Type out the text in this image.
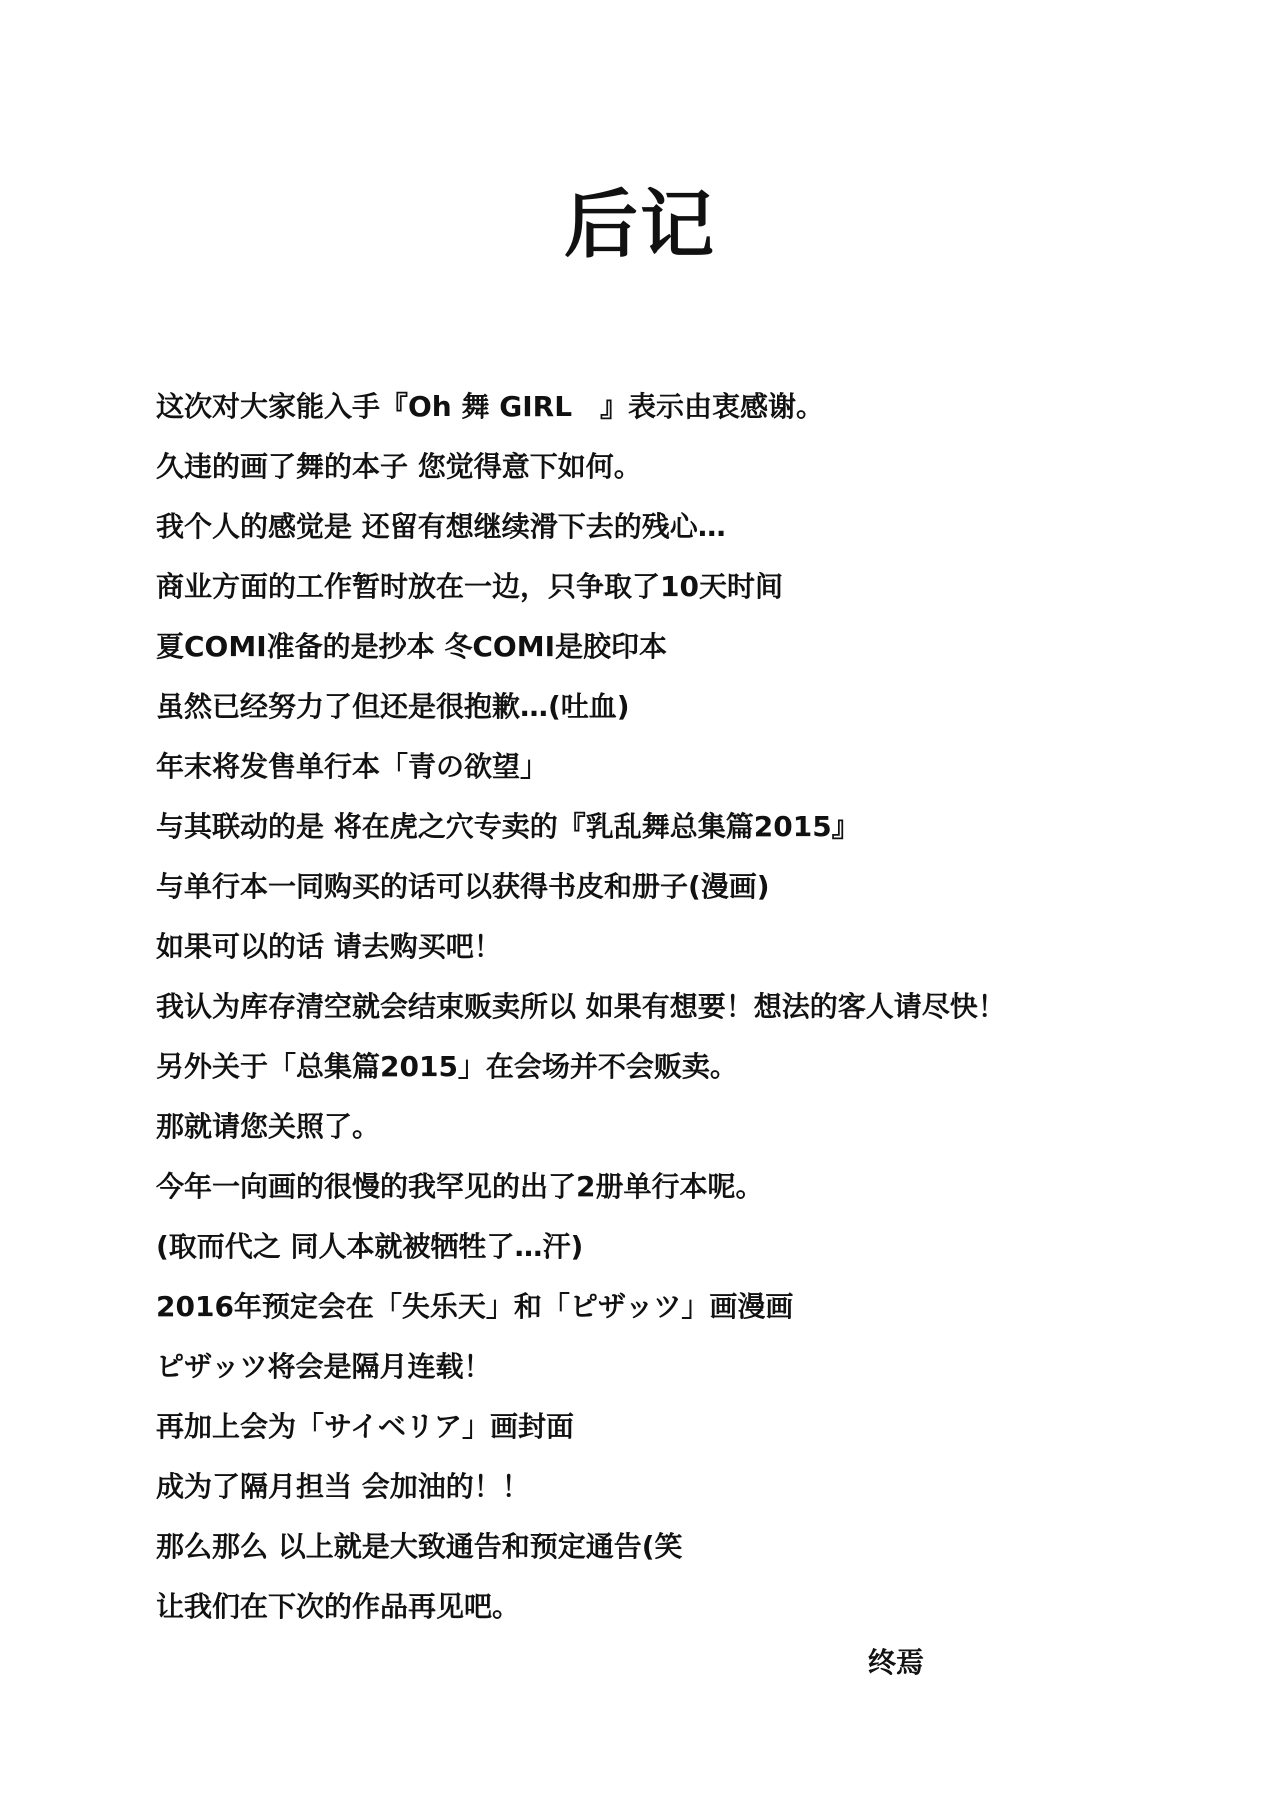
后记
这次对大家能入手『Oh 舞 GIRL　』表示由衷感谢。
久违的画了舞的本子 您觉得意下如何。
我个人的感觉是 还留有想继续滑下去的残心…
商业方面的工作暂时放在一边，只争取了10天时间
夏COMI准备的是抄本 冬COMI是胶印本
虽然已经努力了但还是很抱歉…(吐血)
年末将发售单行本「青の欲望」
与其联动的是 将在虎之穴专卖的『乳乱舞总集篇2015』
与单行本一同购买的话可以获得书皮和册子(漫画)
如果可以的话 请去购买吧！
我认为库存清空就会结束贩卖所以 如果有想要！想法的客人请尽快！
另外关于「总集篇2015」在会场并不会贩卖。
那就请您关照了。
今年一向画的很慢的我罕见的出了2册单行本呢。
(取而代之 同人本就被牺牲了…汗)
2016年预定会在「失乐天」和「ピザッツ」画漫画
ピザッツ将会是隔月连载！
再加上会为「サイベリア」画封面
成为了隔月担当 会加油的！！
那么那么 以上就是大致通告和预定通告(笑
让我们在下次的作品再见吧。
终焉
